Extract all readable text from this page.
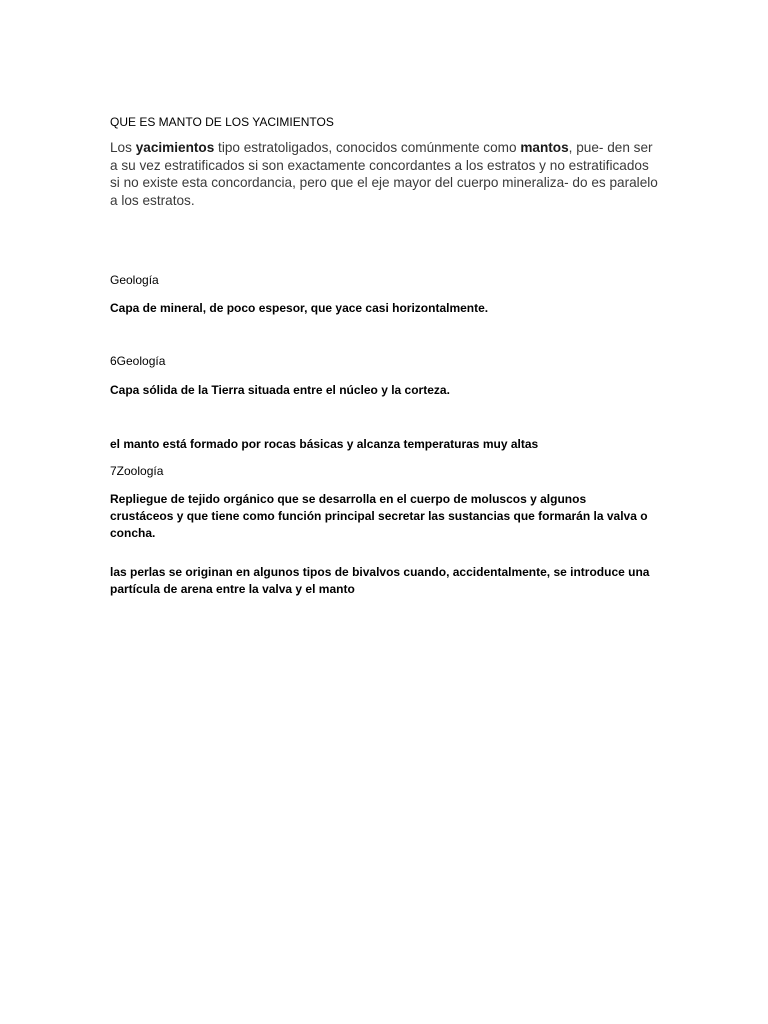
QUE ES MANTO DE LOS YACIMIENTOS
Los yacimientos tipo estratoligados, conocidos comúnmente como mantos, pue- den ser a su vez estratificados si son exactamente concordantes a los estratos y no estratificados si no existe esta concordancia, pero que el eje mayor del cuerpo mineraliza- do es paralelo a los estratos.
Geología
Capa de mineral, de poco espesor, que yace casi horizontalmente.
6Geología
Capa sólida de la Tierra situada entre el núcleo y la corteza.
el manto está formado por rocas básicas y alcanza temperaturas muy altas
7Zoología
Repliegue de tejido orgánico que se desarrolla en el cuerpo de moluscos y algunos crustáceos y que tiene como función principal secretar las sustancias que formarán la valva o concha.
las perlas se originan en algunos tipos de bivalvos cuando, accidentalmente, se introduce una partícula de arena entre la valva y el manto
